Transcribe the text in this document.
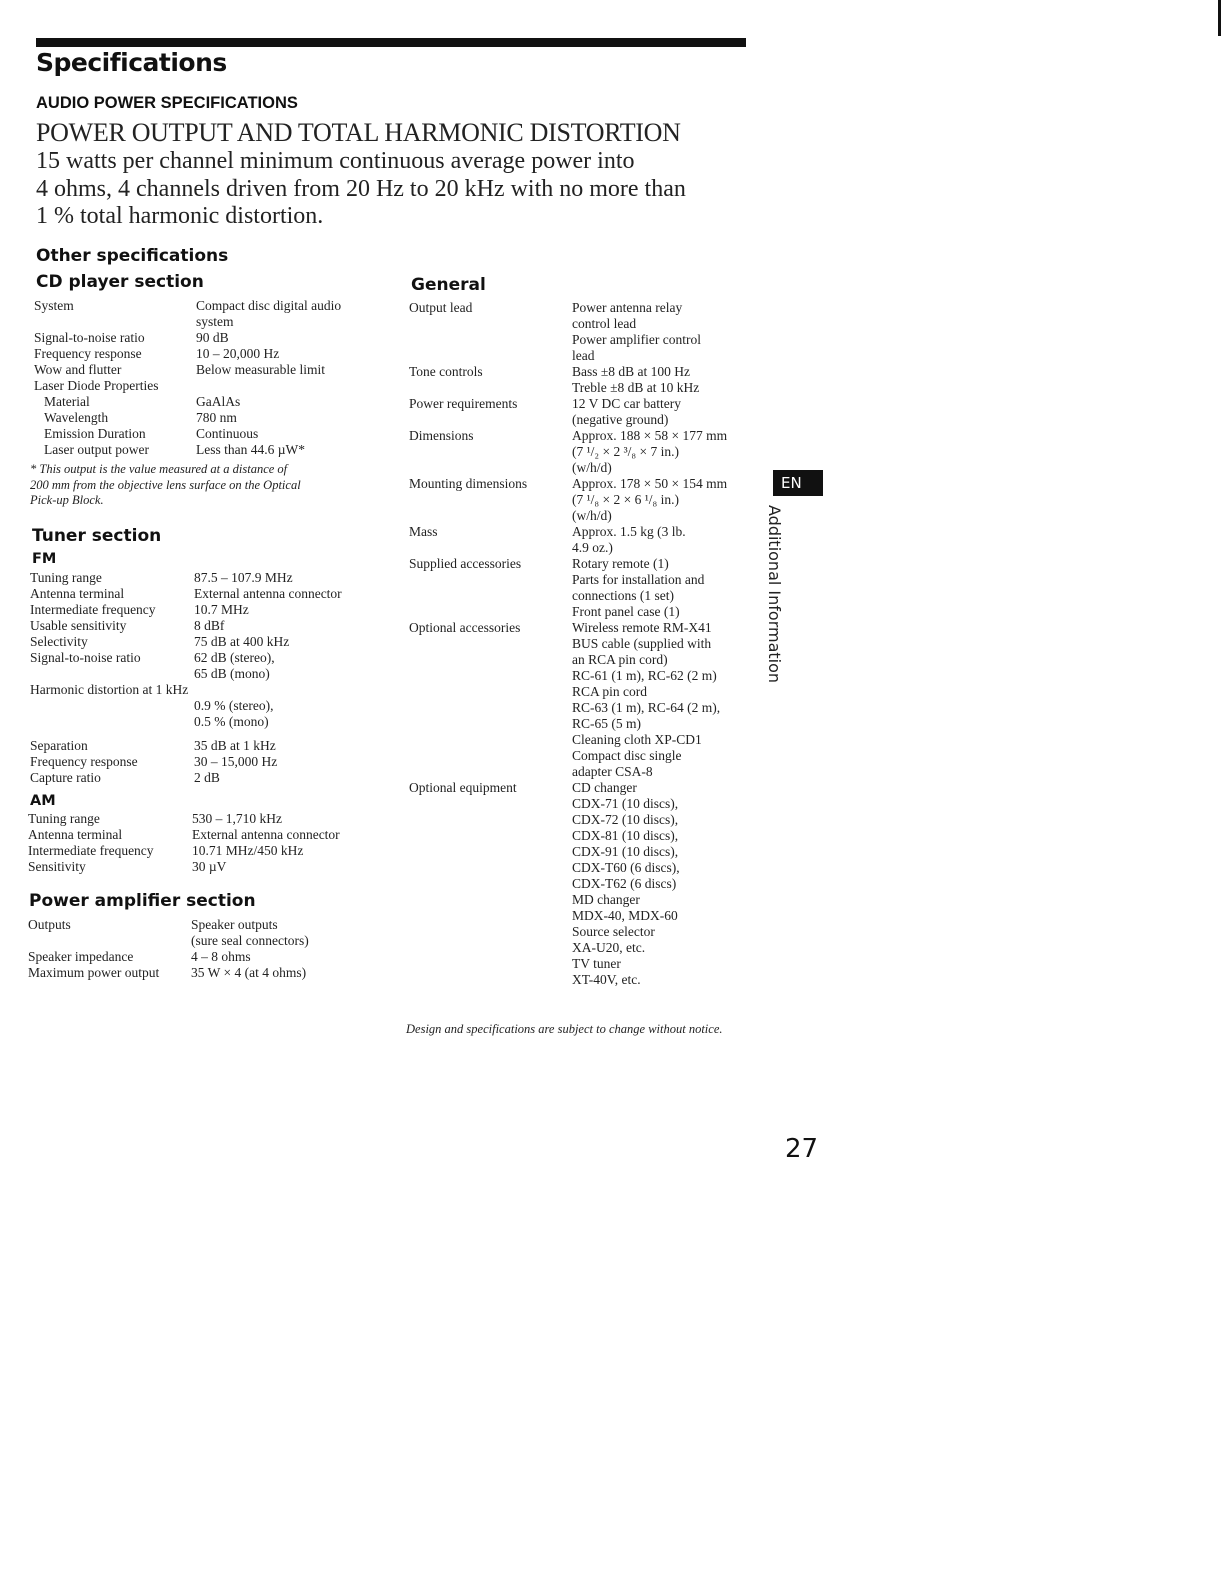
Specifications
AUDIO POWER SPECIFICATIONS
POWER OUTPUT AND TOTAL HARMONIC DISTORTION
15 watts per channel minimum continuous average power into
4 ohms, 4 channels driven from 20 Hz to 20 kHz with no more than
1 % total harmonic distortion.
Other specifications
CD player section
System	Compact disc digital audio
system
Signal-to-noise ratio	90 dB
Frequency response	10 – 20,000 Hz
Wow and flutter	Below measurable limit
Laser Diode Properties
Material	GaAlAs
Wavelength	780 nm
Emission Duration	Continuous
Laser output power	Less than 44.6 µW*
* This output is the value measured at a distance of
200 mm from the objective lens surface on the Optical
Pick-up Block.
Tuner section
FM
Tuning range	87.5 – 107.9 MHz
Antenna terminal	External antenna connector
Intermediate frequency	10.7 MHz
Usable sensitivity	8 dBf
Selectivity	75 dB at 400 kHz
Signal-to-noise ratio	62 dB (stereo),
65 dB (mono)
Harmonic distortion at 1 kHz
0.9 % (stereo),
0.5 % (mono)
Separation	35 dB at 1 kHz
Frequency response	30 – 15,000 Hz
Capture ratio	2 dB
AM
Tuning range	530 – 1,710 kHz
Antenna terminal	External antenna connector
Intermediate frequency	10.71 MHz/450 kHz
Sensitivity	30 µV
Power amplifier section
Outputs	Speaker outputs
(sure seal connectors)
Speaker impedance	4 – 8 ohms
Maximum power output 35 W × 4 (at 4 ohms)
General
Output lead	Power antenna relay
control lead
Power amplifier control
lead
Tone controls	Bass ±8 dB at 100 Hz
Treble ±8 dB at 10 kHz
Power requirements	12 V DC car battery
(negative ground)
Dimensions	Approx. 188 × 58 × 177 mm
(7 ¹/₂ × 2 ³/₈ × 7 in.)
(w/h/d)
Mounting dimensions	Approx. 178 × 50 × 154 mm
(7 ¹/₈ × 2 × 6 ¹/₈ in.)
(w/h/d)
Mass	Approx. 1.5 kg (3 lb.
4.9 oz.)
Supplied accessories	Rotary remote (1)
Parts for installation and
connections (1 set)
Front panel case (1)
Optional accessories	Wireless remote RM-X41
BUS cable (supplied with
an RCA pin cord)
RC-61 (1 m), RC-62 (2 m)
RCA pin cord
RC-63 (1 m), RC-64 (2 m),
RC-65 (5 m)
Cleaning cloth XP-CD1
Compact disc single
adapter CSA-8
Optional equipment	CD changer
CDX-71 (10 discs),
CDX-72 (10 discs),
CDX-81 (10 discs),
CDX-91 (10 discs),
CDX-T60 (6 discs),
CDX-T62 (6 discs)
MD changer
MDX-40, MDX-60
Source selector
XA-U20, etc.
TV tuner
XT-40V, etc.
Design and specifications are subject to change without notice.
EN
Additional Information
27
